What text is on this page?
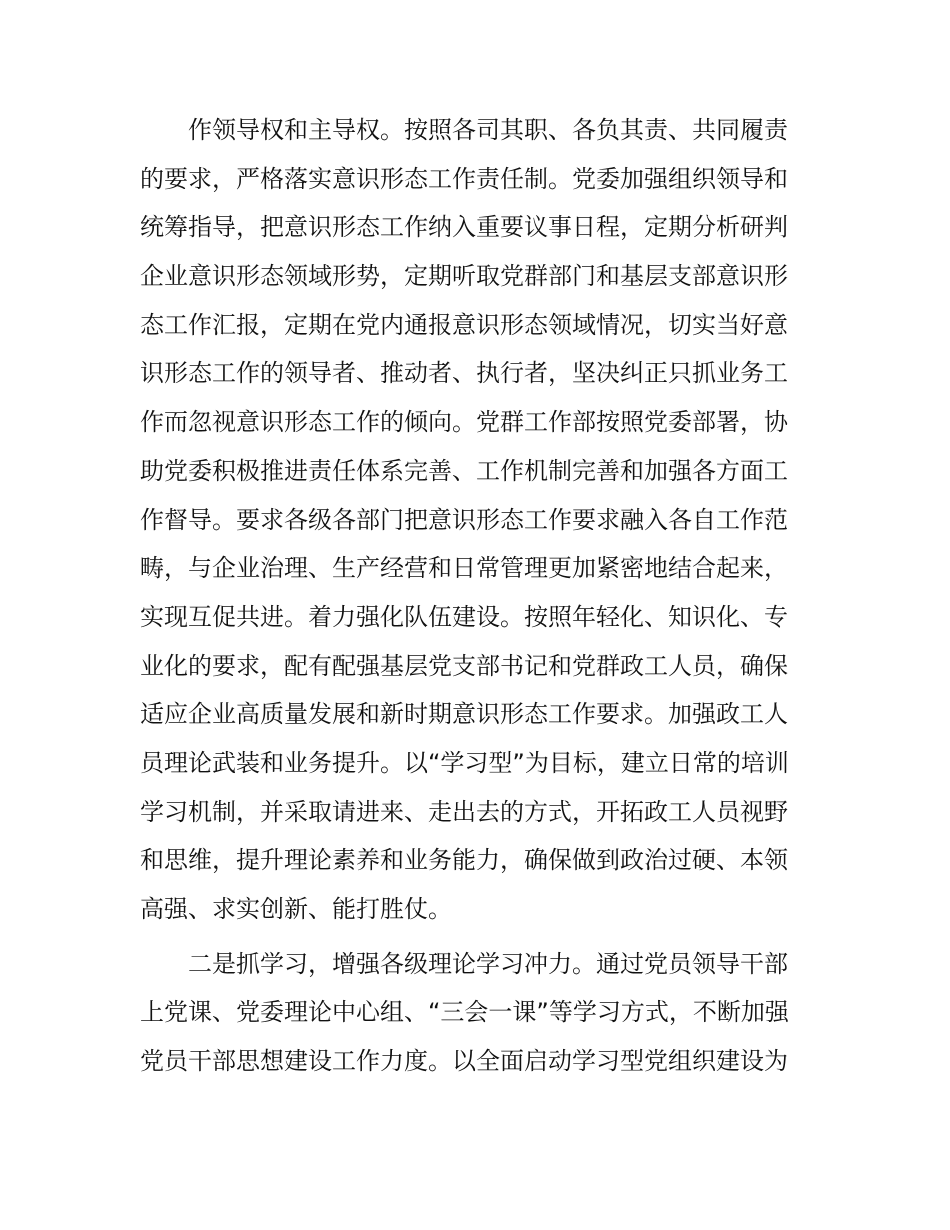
作领导权和主导权。按照各司其职、各负其责、共同履责
的要求，严格落实意识形态工作责任制。党委加强组织领导和
统筹指导，把意识形态工作纳入重要议事日程，定期分析研判
企业意识形态领域形势，定期听取党群部门和基层支部意识形
态工作汇报，定期在党内通报意识形态领域情况，切实当好意
识形态工作的领导者、推动者、执行者，坚决纠正只抓业务工
作而忽视意识形态工作的倾向。党群工作部按照党委部署，协
助党委积极推进责任体系完善、工作机制完善和加强各方面工
作督导。要求各级各部门把意识形态工作要求融入各自工作范
畴，与企业治理、生产经营和日常管理更加紧密地结合起来，
实现互促共进。着力强化队伍建设。按照年轻化、知识化、专
业化的要求，配有配强基层党支部书记和党群政工人员，确保
适应企业高质量发展和新时期意识形态工作要求。加强政工人
员理论武装和业务提升。以“学习型”为目标，建立日常的培训
学习机制，并采取请进来、走出去的方式，开拓政工人员视野
和思维，提升理论素养和业务能力，确保做到政治过硬、本领
高强、求实创新、能打胜仗。

二是抓学习，增强各级理论学习冲力。通过党员领导干部
上党课、党委理论中心组、“三会一课”等学习方式，不断加强
党员干部思想建设工作力度。以全面启动学习型党组织建设为
